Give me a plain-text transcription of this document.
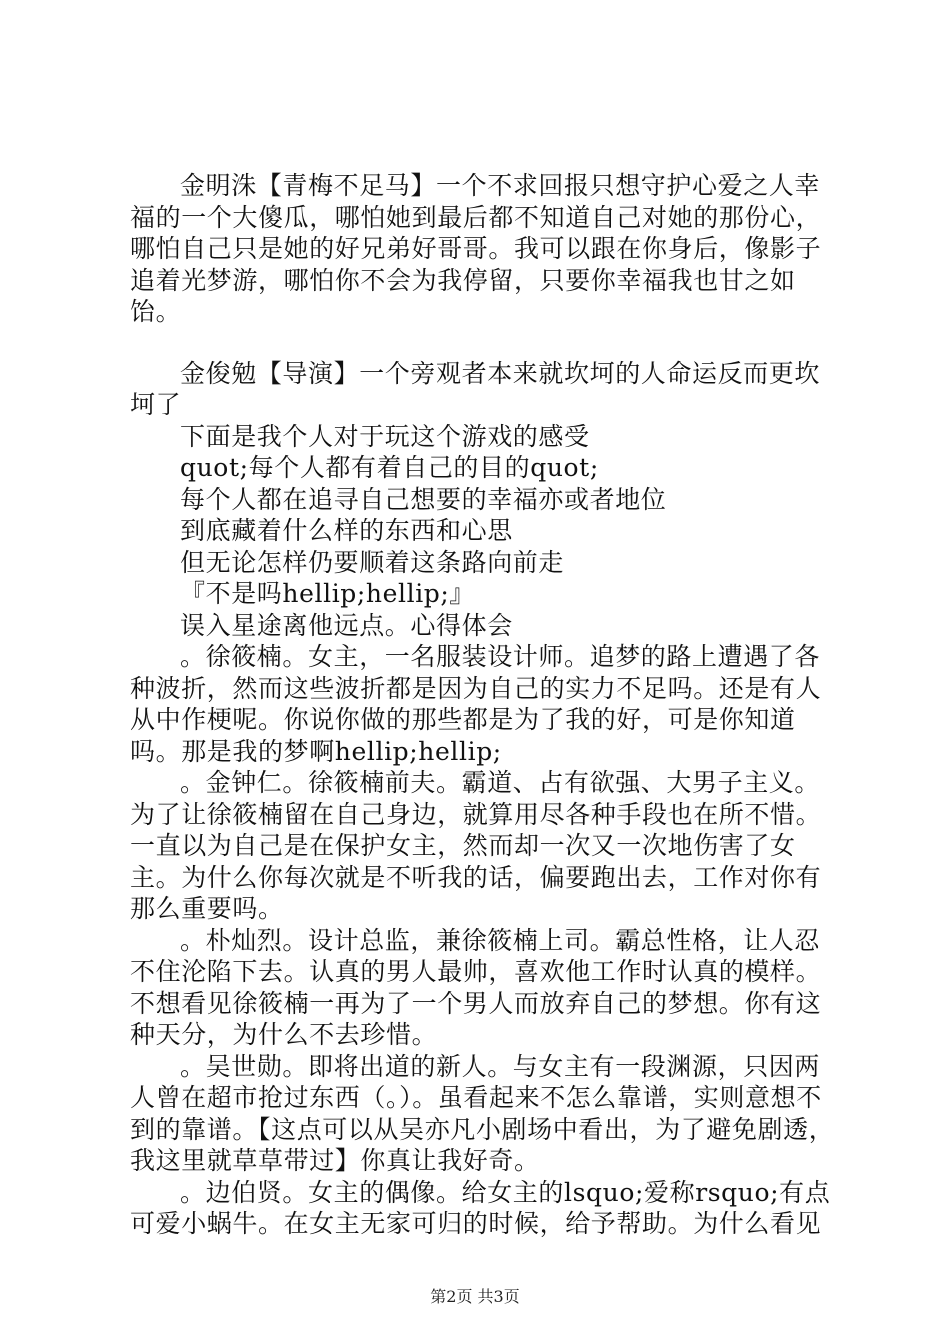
金明洙【青梅不足马】一个不求回报只想守护心爱之人幸福的一个大傻瓜，哪怕她到最后都不知道自己对她的那份心，哪怕自己只是她的好兄弟好哥哥。我可以跟在你身后，像影子追着光梦游，哪怕你不会为我停留，只要你幸福我也甘之如饴。

金俊勉【导演】一个旁观者本来就坎坷的人命运反而更坎坷了

下面是我个人对于玩这个游戏的感受

quot;每个人都有着自己的目的quot;

每个人都在追寻自己想要的幸福亦或者地位

到底藏着什么样的东西和心思

但无论怎样仍要顺着这条路向前走

『不是吗hellip;hellip;』

误入星途离他远点。心得体会

。徐筱楠。女主，一名服装设计师。追梦的路上遭遇了各种波折，然而这些波折都是因为自己的实力不足吗。还是有人从中作梗呢。你说你做的那些都是为了我的好，可是你知道吗。那是我的梦啊hellip;hellip;

。金钟仁。徐筱楠前夫。霸道、占有欲强、大男子主义。为了让徐筱楠留在自己身边，就算用尽各种手段也在所不惜。一直以为自己是在保护女主，然而却一次又一次地伤害了女主。为什么你每次就是不听我的话，偏要跑出去，工作对你有那么重要吗。

。朴灿烈。设计总监，兼徐筱楠上司。霸总性格，让人忍不住沦陷下去。认真的男人最帅，喜欢他工作时认真的模样。不想看见徐筱楠一再为了一个男人而放弃自己的梦想。你有这种天分，为什么不去珍惜。

。吴世勋。即将出道的新人。与女主有一段渊源，只因两人曾在超市抢过东西（。）。虽看起来不怎么靠谱，实则意想不到的靠谱。【这点可以从吴亦凡小剧场中看出，为了避免剧透，我这里就草草带过】你真让我好奇。

。边伯贤。女主的偶像。给女主的lsquo;爱称rsquo;有点可爱小蜗牛。在女主无家可归的时候，给予帮助。为什么看见

第2页 共3页
